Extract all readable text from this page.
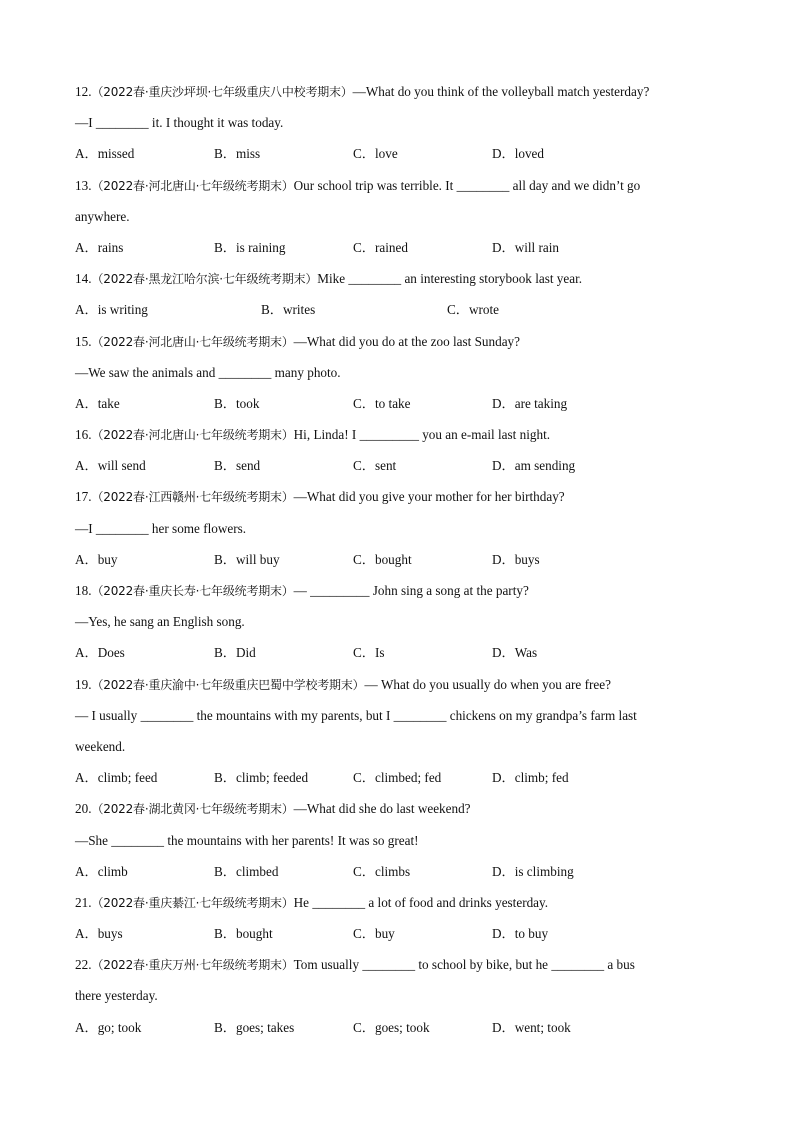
12.（2022春·重庆沙坪坝·七年级重庆八中校考期末）—What do you think of the volleyball match yesterday?
—I ________ it. I thought it was today.
A．missed	B．miss	C．love	D．loved
13.（2022春·河北唐山·七年级统考期末）Our school trip was terrible. It ________ all day and we didn’t go
anywhere.
A．rains	B．is raining	C．rained	D．will rain
14.（2022春·黑龙江哈尔滨·七年级统考期末）Mike ________ an interesting storybook last year.
A．is writing	B．writes	C．wrote
15.（2022春·河北唐山·七年级统考期末）—What did you do at the zoo last Sunday?
—We saw the animals and ________ many photo.
A．take	B．took	C．to take	D．are taking
16.（2022春·河北唐山·七年级统考期末）Hi, Linda! I _________ you an e-mail last night.
A．will send	B．send	C．sent	D．am sending
17.（2022春·江西赣州·七年级统考期末）—What did you give your mother for her birthday?
—I ________ her some flowers.
A．buy	B．will buy	C．bought	D．buys
18.（2022春·重庆长寿·七年级统考期末）— _________ John sing a song at the party?
—Yes, he sang an English song.
A．Does	B．Did	C．Is	D．Was
19.（2022春·重庆渝中·七年级重庆巴蜀中学校考期末）— What do you usually do when you are free?
— I usually ________ the mountains with my parents, but I ________ chickens on my grandpa’s farm last
weekend.
A．climb; feed	B．climb; feeded	C．climbed; fed	D．climb; fed
20.（2022春·湖北黄冈·七年级统考期末）—What did she do last weekend?
—She ________ the mountains with her parents! It was so great!
A．climb	B．climbed	C．climbs	D．is climbing
21.（2022春·重庆綦江·七年级统考期末）He ________ a lot of food and drinks yesterday.
A．buys	B．bought	C．buy	D．to buy
22.（2022春·重庆万州·七年级统考期末）Tom usually ________ to school by bike, but he ________ a bus
there yesterday.
A．go; took	B．goes; takes	C．goes; took	D．went; took
